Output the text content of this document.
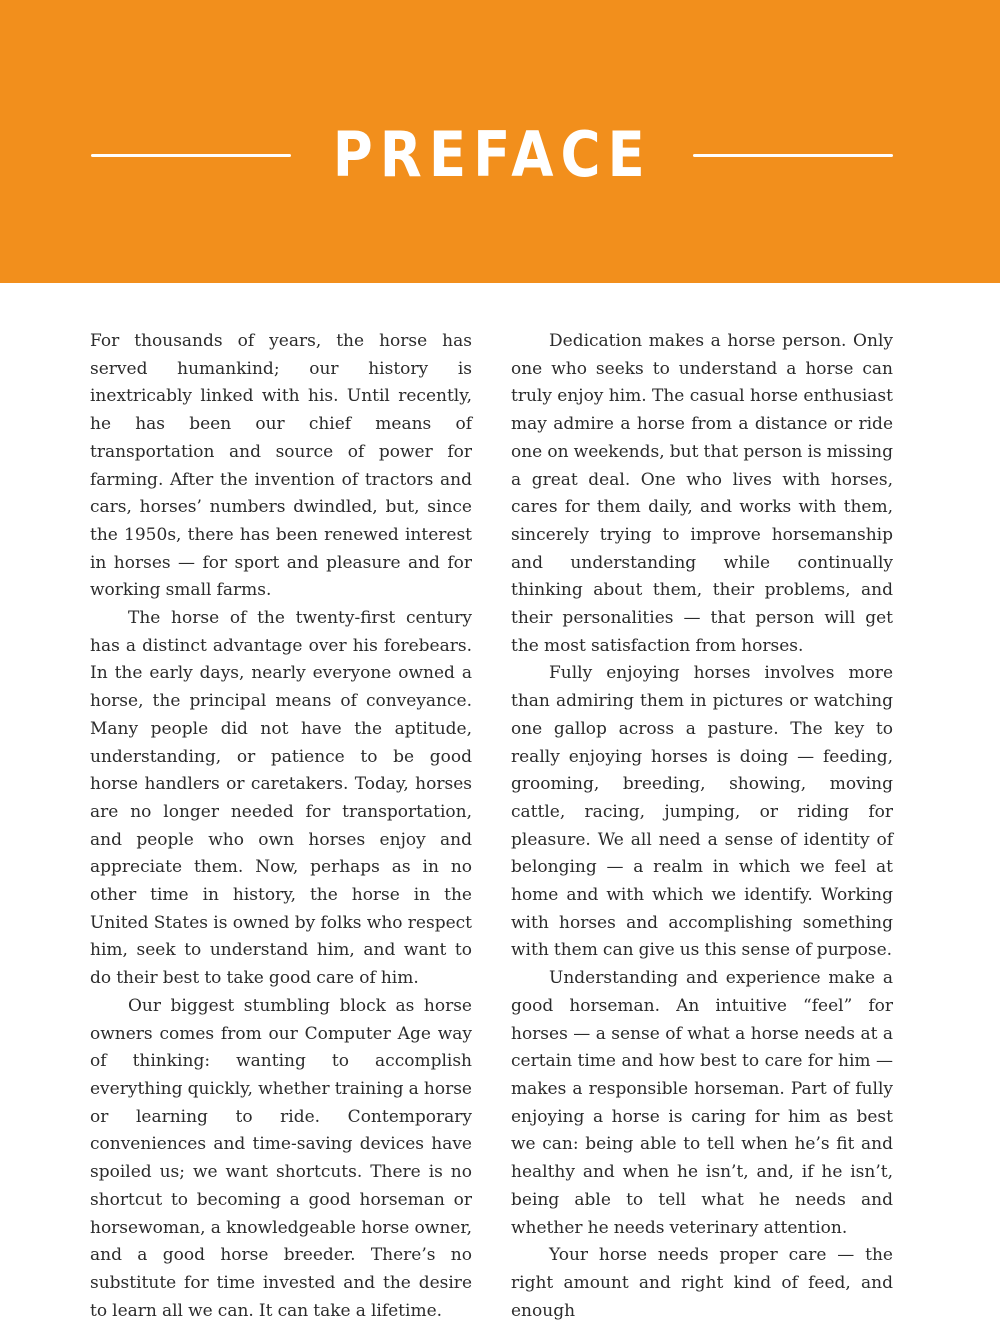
PREFACE

For thousands of years, the horse has served humankind; our history is inextricably linked with his. Until recently, he has been our chief means of transportation and source of power for farming. After the invention of tractors and cars, horses’ numbers dwindled, but, since the 1950s, there has been renewed interest in horses — for sport and pleasure and for working small farms.

The horse of the twenty-first century has a distinct advantage over his forebears. In the early days, nearly everyone owned a horse, the principal means of conveyance. Many people did not have the aptitude, understanding, or patience to be good horse handlers or caretakers. Today, horses are no longer needed for transportation, and people who own horses enjoy and appreciate them. Now, perhaps as in no other time in history, the horse in the United States is owned by folks who respect him, seek to understand him, and want to do their best to take good care of him.

Our biggest stumbling block as horse owners comes from our Computer Age way of thinking: wanting to accomplish everything quickly, whether training a horse or learning to ride. Contemporary conveniences and time-saving devices have spoiled us; we want shortcuts. There is no shortcut to becoming a good horseman or horsewoman, a knowledgeable horse owner, and a good horse breeder. There’s no substitute for time invested and the desire to learn all we can. It can take a lifetime.

Dedication makes a horse person. Only one who seeks to understand a horse can truly enjoy him. The casual horse enthusiast may admire a horse from a distance or ride one on weekends, but that person is missing a great deal. One who lives with horses, cares for them daily, and works with them, sincerely trying to improve horsemanship and understanding while continually thinking about them, their problems, and their personalities — that person will get the most satisfaction from horses.

Fully enjoying horses involves more than admiring them in pictures or watching one gallop across a pasture. The key to really enjoying horses is doing — feeding, grooming, breeding, showing, moving cattle, racing, jumping, or riding for pleasure. We all need a sense of identity of belonging — a realm in which we feel at home and with which we identify. Working with horses and accomplishing something with them can give us this sense of purpose.

Understanding and experience make a good horseman. An intuitive “feel” for horses — a sense of what a horse needs at a certain time and how best to care for him — makes a responsible horseman. Part of fully enjoying a horse is caring for him as best we can: being able to tell when he’s fit and healthy and when he isn’t, and, if he isn’t, being able to tell what he needs and whether he needs veterinary attention.

Your horse needs proper care — the right amount and right kind of feed, and enough
